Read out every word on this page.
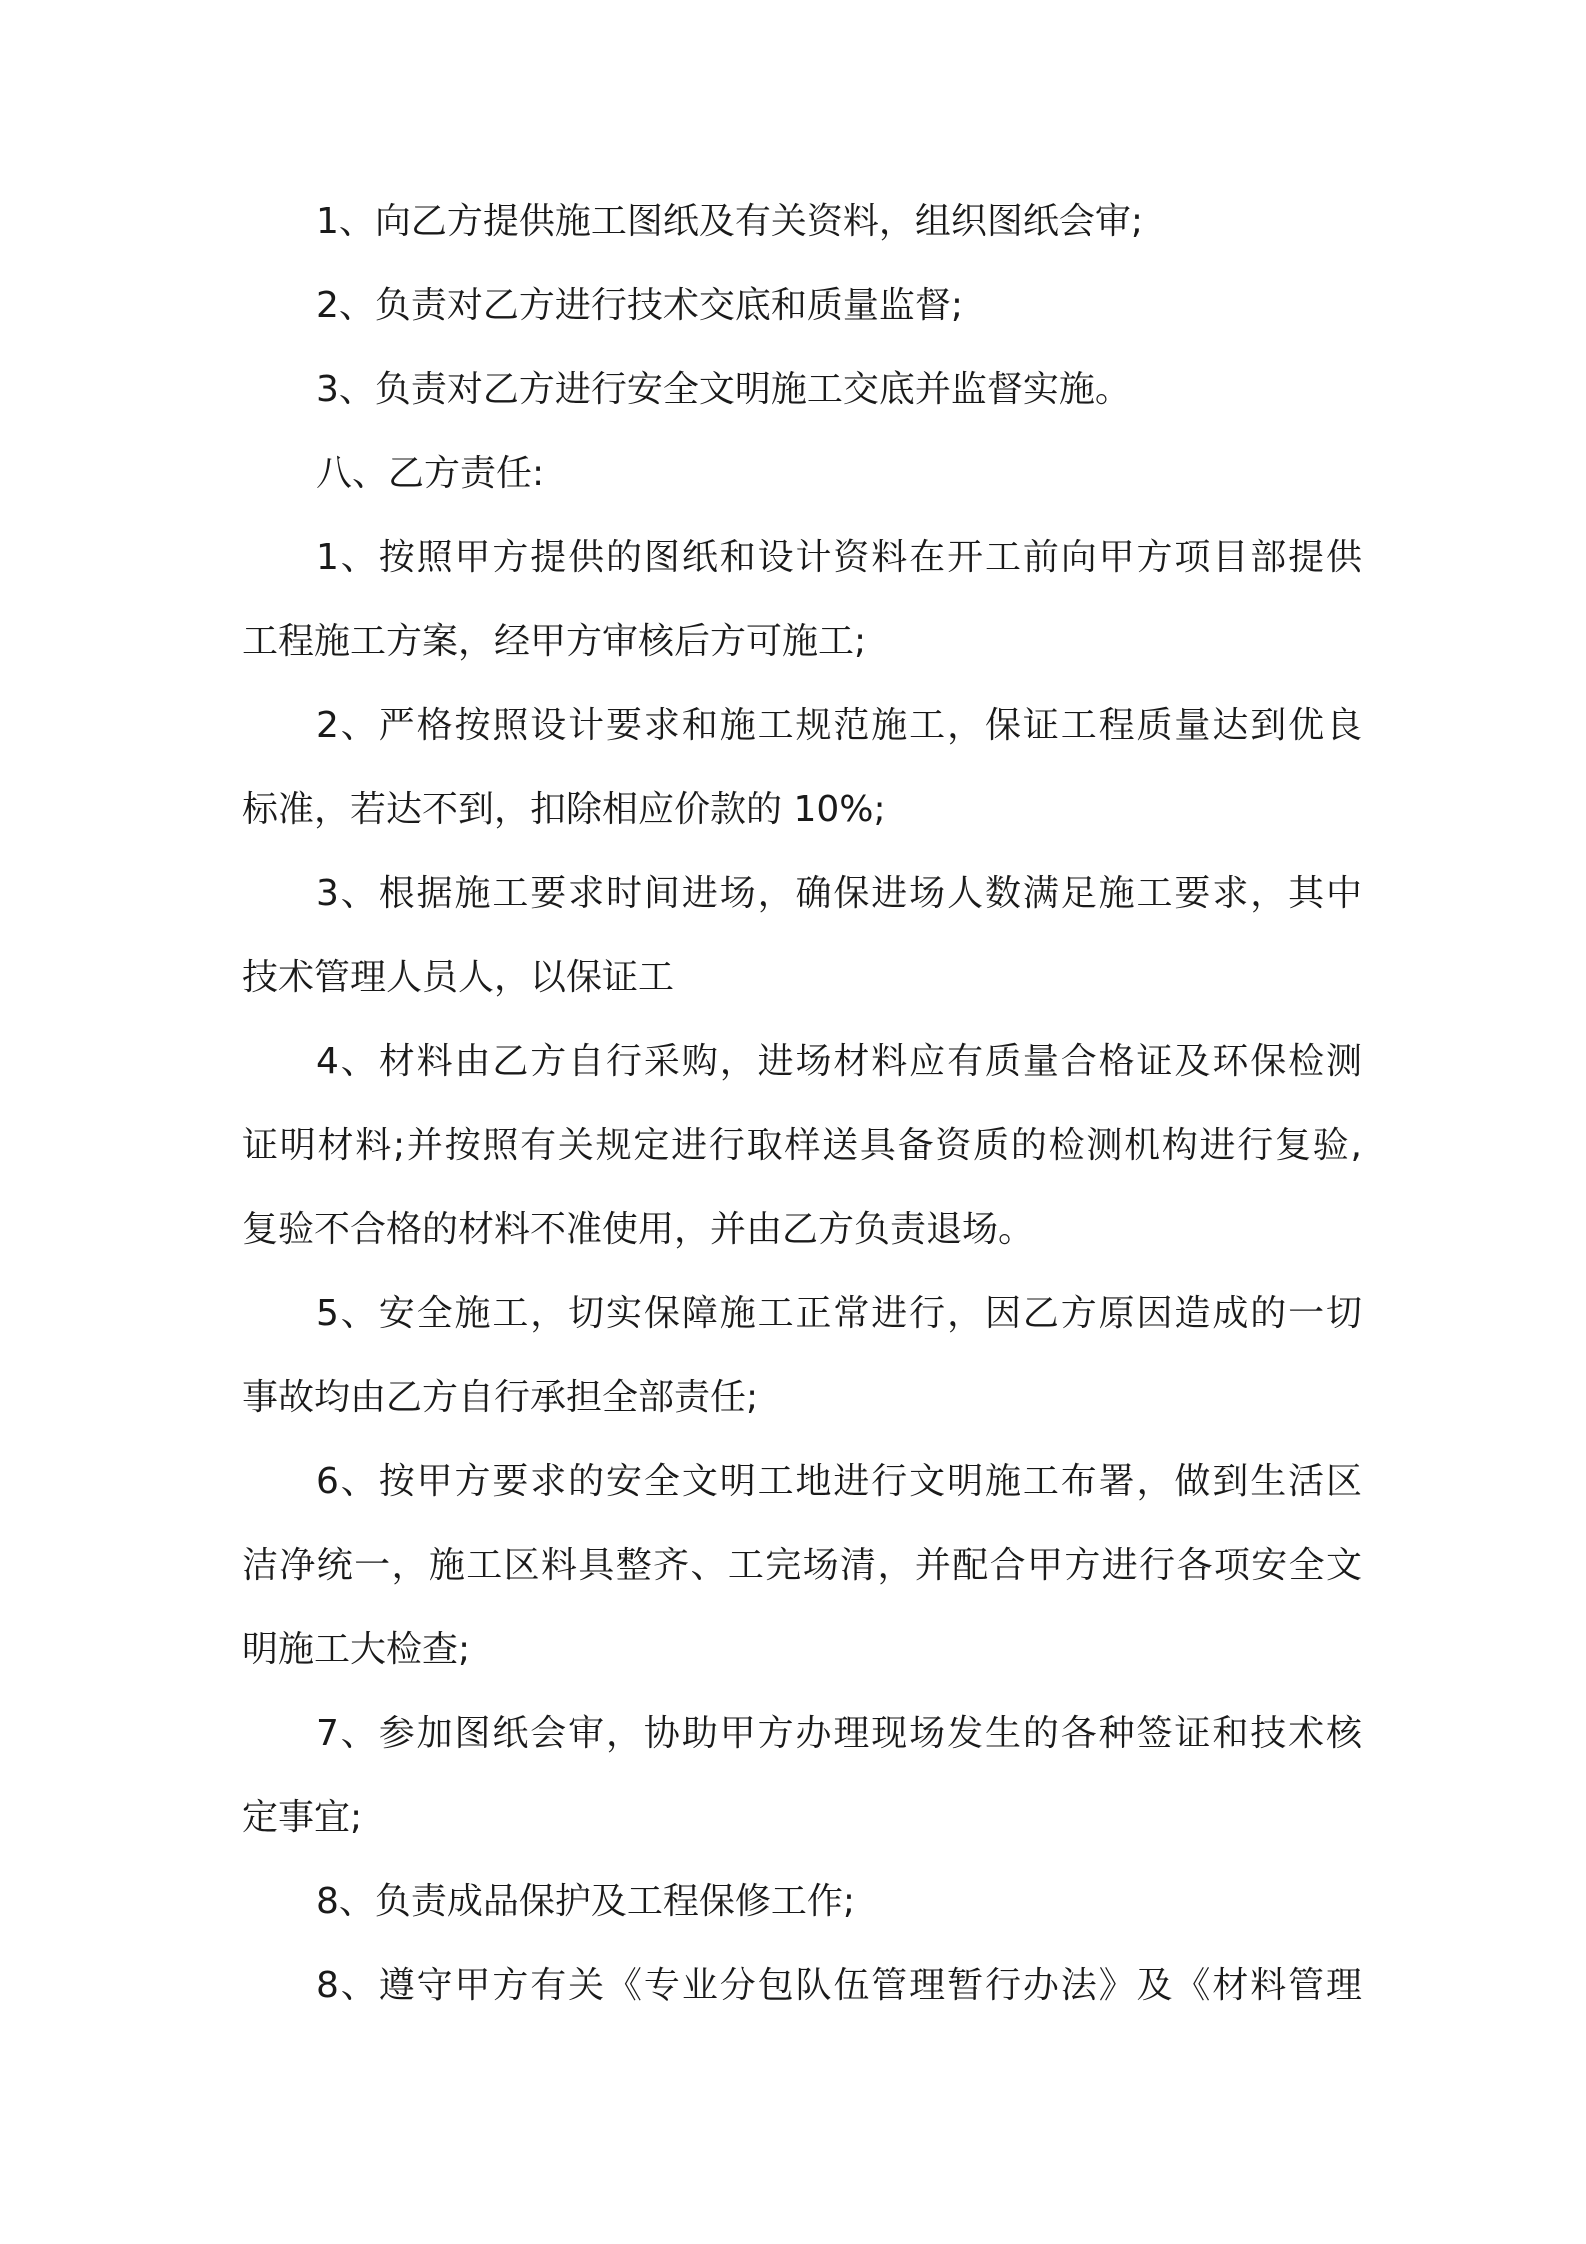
1、向乙方提供施工图纸及有关资料，组织图纸会审;
2、负责对乙方进行技术交底和质量监督;
3、负责对乙方进行安全文明施工交底并监督实施。
八、乙方责任:
1、按照甲方提供的图纸和设计资料在开工前向甲方项目部提供
工程施工方案，经甲方审核后方可施工;
2、严格按照设计要求和施工规范施工，保证工程质量达到优良
标准，若达不到，扣除相应价款的 10%;
3、根据施工要求时间进场，确保进场人数满足施工要求，其中
技术管理人员人，以保证工
4、材料由乙方自行采购，进场材料应有质量合格证及环保检测
证明材料;并按照有关规定进行取样送具备资质的检测机构进行复验,
复验不合格的材料不准使用，并由乙方负责退场。
5、安全施工，切实保障施工正常进行，因乙方原因造成的一切
事故均由乙方自行承担全部责任;
6、按甲方要求的安全文明工地进行文明施工布署，做到生活区
洁净统一，施工区料具整齐、工完场清，并配合甲方进行各项安全文
明施工大检查;
7、参加图纸会审，协助甲方办理现场发生的各种签证和技术核
定事宜;
8、负责成品保护及工程保修工作;
8、遵守甲方有关《专业分包队伍管理暂行办法》及《材料管理
